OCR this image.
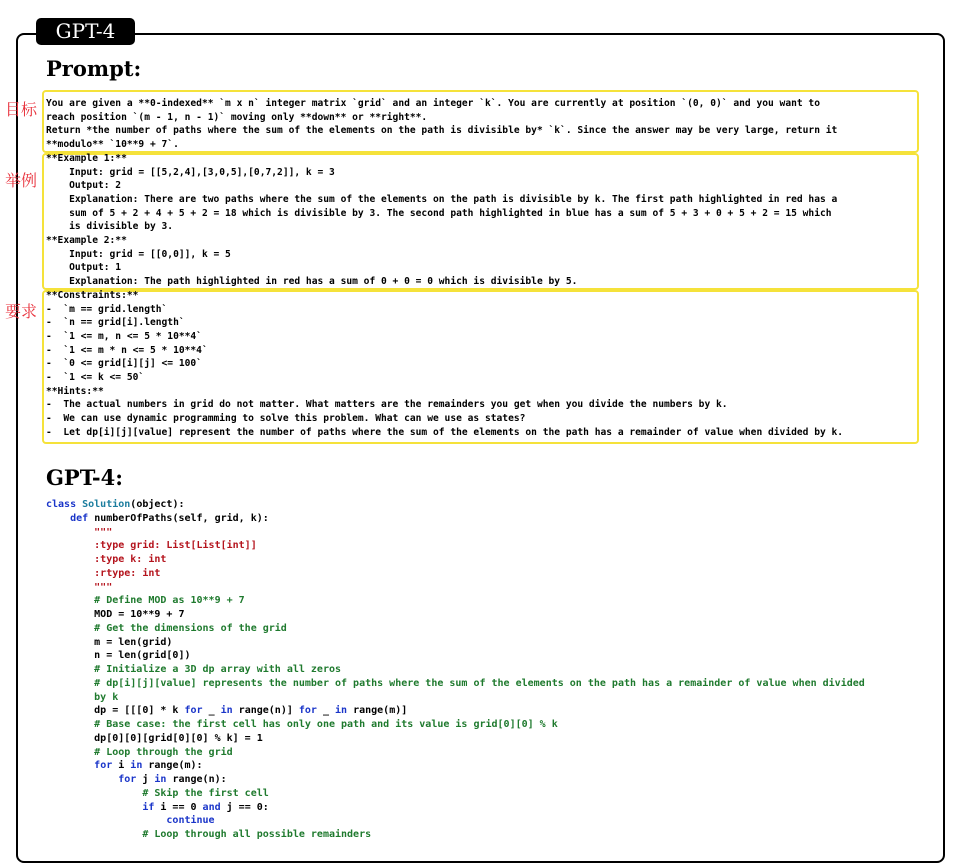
GPT-4
Prompt:
目标
举例
要求
You are given a **0-indexed** `m x n` integer matrix `grid` and an integer `k`. You are currently at position `(0, 0)` and you want to
reach position `(m - 1, n - 1)` moving only **down** or **right**.
Return *the number of paths where the sum of the elements on the path is divisible by* `k`. Since the answer may be very large, return it
**modulo** `10**9 + 7`.
**Example 1:**
Input: grid = [[5,2,4],[3,0,5],[0,7,2]], k = 3
Output: 2
Explanation: There are two paths where the sum of the elements on the path is divisible by k. The first path highlighted in red has a
sum of 5 + 2 + 4 + 5 + 2 = 18 which is divisible by 3. The second path highlighted in blue has a sum of 5 + 3 + 0 + 5 + 2 = 15 which
is divisible by 3.
**Example 2:**
Input: grid = [[0,0]], k = 5
Output: 1
Explanation: The path highlighted in red has a sum of 0 + 0 = 0 which is divisible by 5.
**Constraints:**
-  `m == grid.length`
-  `n == grid[i].length`
-  `1 <= m, n <= 5 * 10**4`
-  `1 <= m * n <= 5 * 10**4`
-  `0 <= grid[i][j] <= 100`
-  `1 <= k <= 50`
**Hints:**
-  The actual numbers in grid do not matter. What matters are the remainders you get when you divide the numbers by k.
-  We can use dynamic programming to solve this problem. What can we use as states?
-  Let dp[i][j][value] represent the number of paths where the sum of the elements on the path has a remainder of value when divided by k.
GPT-4:
class Solution(object):
def numberOfPaths(self, grid, k):
"""
:type grid: List[List[int]]
:type k: int
:rtype: int
"""
# Define MOD as 10**9 + 7
MOD = 10**9 + 7
# Get the dimensions of the grid
m = len(grid)
n = len(grid[0])
# Initialize a 3D dp array with all zeros
# dp[i][j][value] represents the number of paths where the sum of the elements on the path has a remainder of value when divided
by k
dp = [[[0] * k for _ in range(n)] for _ in range(m)]
# Base case: the first cell has only one path and its value is grid[0][0] % k
dp[0][0][grid[0][0] % k] = 1
# Loop through the grid
for i in range(m):
for j in range(n):
# Skip the first cell
if i == 0 and j == 0:
continue
# Loop through all possible remainders
